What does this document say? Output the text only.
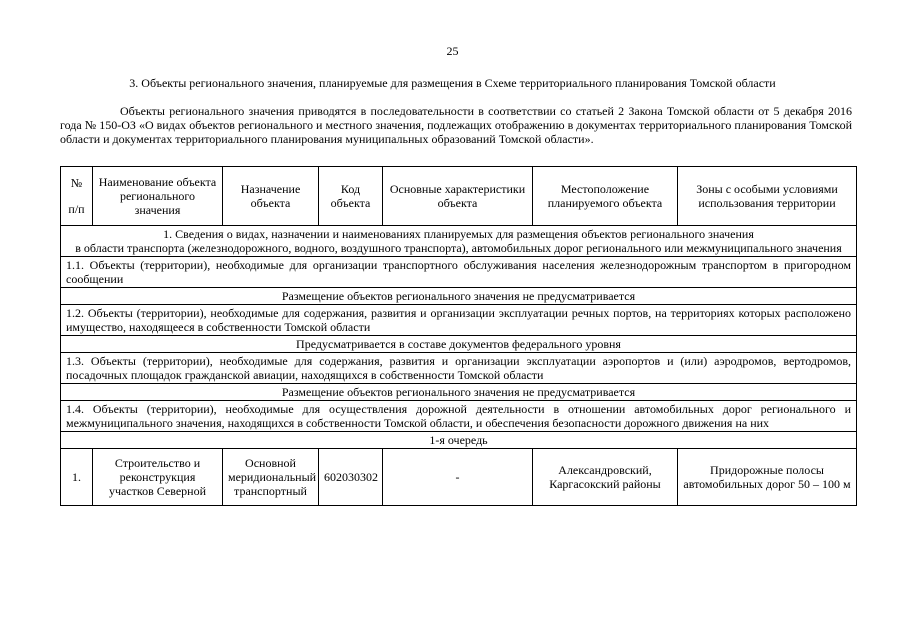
25
3. Объекты регионального значения, планируемые для размещения в Схеме территориального планирования Томской области

Объекты регионального значения приводятся в последовательности в соответствии со статьей 2 Закона Томской области от 5 декабря 2016 года № 150-ОЗ «О видах объектов регионального и местного значения, подлежащих отображению в документах территориального планирования Томской области и документах территориального планирования муниципальных образований Томской области».

№
п/п	Наименование объекта регионального значения	Назначение объекта	Код объекта	Основные характеристики объекта	Местоположение планируемого объекта	Зоны с особыми условиями использования территории

1. Сведения о видах, назначении и наименованиях планируемых для размещения объектов регионального значения
в области транспорта (железнодорожного, водного, воздушного транспорта), автомобильных дорог регионального или межмуниципального значения						

1.1. Объекты (территории), необходимые для организации транспортного обслуживания населения железнодорожным транспортом в пригородном сообщении						
Размещение объектов регионального значения не предусматривается						
1.2. Объекты (территории), необходимые для содержания, развития и организации эксплуатации речных портов, на территориях которых расположено имущество, находящееся в собственности Томской области						
Предусматривается в составе документов федерального уровня						
1.3. Объекты (территории), необходимые для содержания, развития и организации эксплуатации аэропортов и (или) аэродромов, вертодромов, посадочных площадок гражданской авиации, находящихся в собственности Томской области						
Размещение объектов регионального значения не предусматривается						
1.4. Объекты (территории), необходимые для осуществления дорожной деятельности в отношении автомобильных дорог регионального и межмуниципального значения, находящихся в собственности Томской области, и обеспечения безопасности дорожного движения на них						
1-я очередь						
1.	Строительство и реконструкция участков Северной	Основной меридиональный транспортный	602030302	-	Александровский, Каргасокский районы	Придорожные полосы автомобильных дорог 50 – 100 м
